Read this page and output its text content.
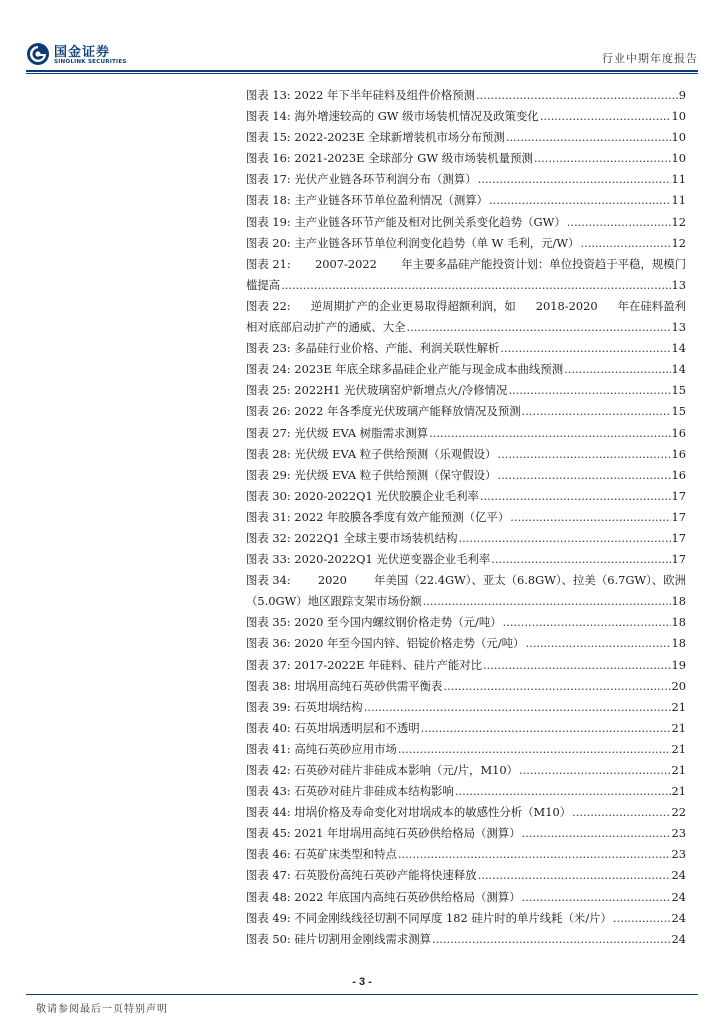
国金证券
SINOLINK SECURITIES	行业中期年度报告
图表 13: 2022 年下半年硅料及组件价格预测 .....	9
图表 14: 海外增速较高的 GW 级市场装机情况及政策变化 .....	10
图表 15: 2022-2023E 全球新增装机市场分布预测 .....	10
图表 16: 2021-2023E 全球部分 GW 级市场装机量预测 .....	10
图表 17: 光伏产业链各环节利润分布（测算） .....	11
图表 18: 主产业链各环节单位盈利情况（测算） .....	11
图表 19: 主产业链各环节产能及相对比例关系变化趋势（GW） .....	12
图表 20: 主产业链各环节单位利润变化趋势（单 W 毛利，元/W） .....	12
图表 21: 2007-2022 年主要多晶硅产能投资计划：单位投资趋于平稳，规模门
槛提高 .....	13
图表 22: 逆周期扩产的企业更易取得超额利润，如 2018-2020 年在硅料盈利
相对底部启动扩产的通威、大全 .....	13
图表 23: 多晶硅行业价格、产能、利润关联性解析 .....	14
图表 24: 2023E 年底全球多晶硅企业产能与现金成本曲线预测 .....	14
图表 25: 2022H1 光伏玻璃窑炉新增点火/冷修情况 .....	15
图表 26: 2022 年各季度光伏玻璃产能释放情况及预测 .....	15
图表 27: 光伏级 EVA 树脂需求测算 .....	16
图表 28: 光伏级 EVA 粒子供给预测（乐观假设） .....	16
图表 29: 光伏级 EVA 粒子供给预测（保守假设） .....	16
图表 30: 2020-2022Q1 光伏胶膜企业毛利率 .....	17
图表 31: 2022 年胶膜各季度有效产能预测（亿平） .....	17
图表 32: 2022Q1 全球主要市场装机结构 .....	17
图表 33: 2020-2022Q1 光伏逆变器企业毛利率 .....	17
图表 34: 2020 年美国（22.4GW）、亚太（6.8GW）、拉美（6.7GW）、欧洲
（5.0GW）地区跟踪支架市场份额 .....	18
图表 35: 2020 至今国内螺纹钢价格走势（元/吨） .....	18
图表 36: 2020 年至今国内锌、铝锭价格走势（元/吨） .....	18
图表 37: 2017-2022E 年硅料、硅片产能对比 .....	19
图表 38: 坩埚用高纯石英砂供需平衡表 .....	20
图表 39: 石英坩埚结构 .....	21
图表 40: 石英坩埚透明层和不透明 .....	21
图表 41: 高纯石英砂应用市场 .....	21
图表 42: 石英砂对硅片非硅成本影响（元/片，M10） .....	21
图表 43: 石英砂对硅片非硅成本结构影响 .....	21
图表 44: 坩埚价格及寿命变化对坩埚成本的敏感性分析（M10） .....	22
图表 45: 2021 年坩埚用高纯石英砂供给格局（测算） .....	23
图表 46: 石英矿床类型和特点 .....	23
图表 47: 石英股份高纯石英砂产能将快速释放 .....	24
图表 48: 2022 年底国内高纯石英砂供给格局（测算） .....	24
图表 49: 不同金刚线线径切割不同厚度 182 硅片时的单片线耗（米/片） .....	24
图表 50: 硅片切割用金刚线需求测算 .....	24
- 3 -
敬请参阅最后一页特别声明
